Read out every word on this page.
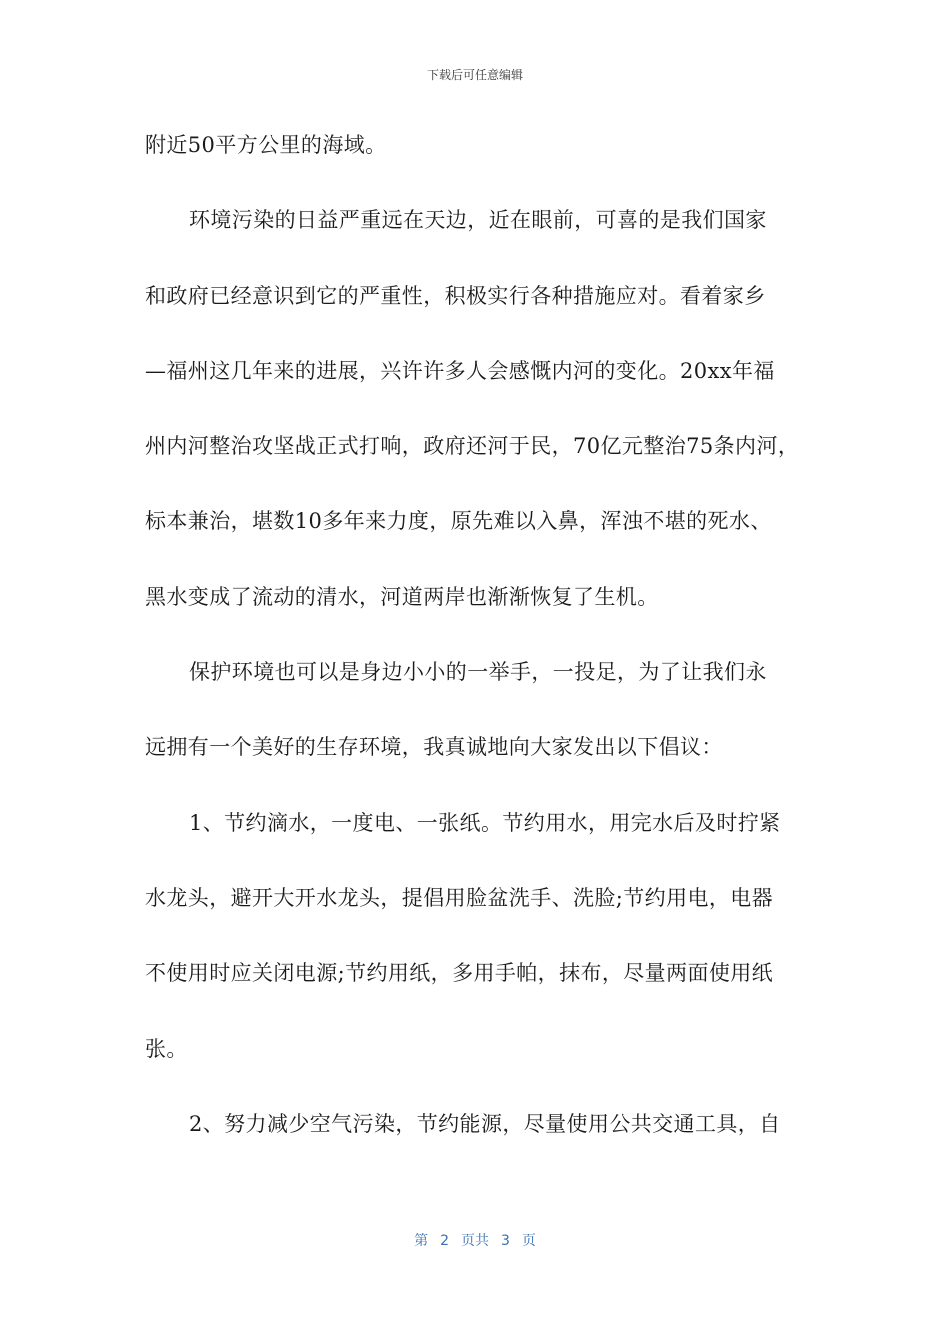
下载后可任意编辑
附近50平方公里的海域。
环境污染的日益严重远在天边，近在眼前，可喜的是我们国家
和政府已经意识到它的严重性，积极实行各种措施应对。看着家乡
—福州这几年来的进展，兴许许多人会感慨内河的变化。20xx年福
州内河整治攻坚战正式打响，政府还河于民，70亿元整治75条内河，
标本兼治，堪数10多年来力度，原先难以入鼻，浑浊不堪的死水、
黑水变成了流动的清水，河道两岸也渐渐恢复了生机。
保护环境也可以是身边小小的一举手，一投足，为了让我们永
远拥有一个美好的生存环境，我真诚地向大家发出以下倡议：
1、节约滴水，一度电、一张纸。节约用水，用完水后及时拧紧
水龙头，避开大开水龙头，提倡用脸盆洗手、洗脸;节约用电，电器
不使用时应关闭电源;节约用纸，多用手帕，抹布，尽量两面使用纸
张。
2、努力减少空气污染，节约能源，尽量使用公共交通工具，自
第 2 页共 3 页
